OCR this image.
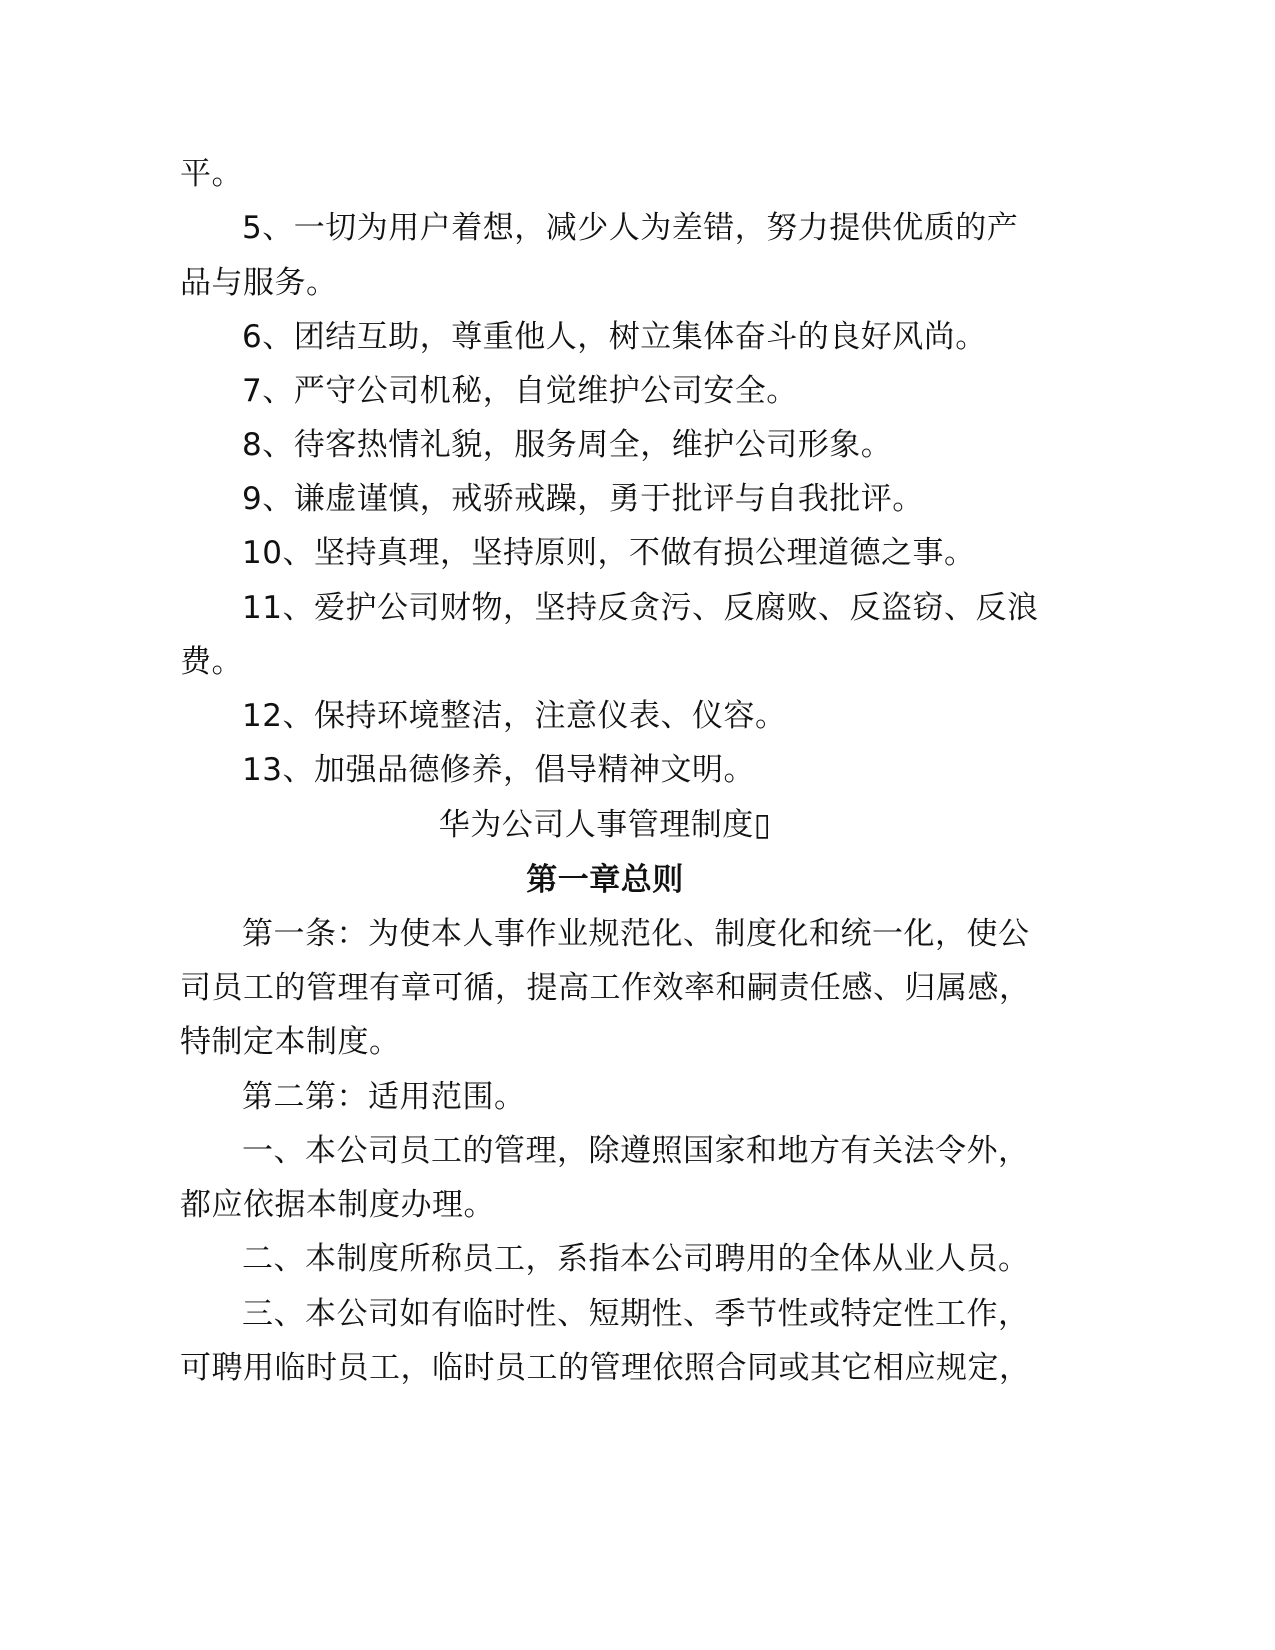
平。
5、一切为用户着想，减少人为差错，努力提供优质的产
品与服务。
6、团结互助，尊重他人，树立集体奋斗的良好风尚。
7、严守公司机秘，自觉维护公司安全。
8、待客热情礼貌，服务周全，维护公司形象。
9、谦虚谨慎，戒骄戒躁，勇于批评与自我批评。
10、坚持真理，坚持原则，不做有损公理道德之事。
11、爱护公司财物，坚持反贪污、反腐败、反盗窃、反浪
费。
12、保持环境整洁，注意仪表、仪容。
13、加强品德修养，倡导精神文明。
华为公司人事管理制度▯
第一章总则
第一条：为使本人事作业规范化、制度化和统一化，使公
司员工的管理有章可循，提高工作效率和嗣责任感、归属感，
特制定本制度。
第二第：适用范围。
一、本公司员工的管理，除遵照国家和地方有关法令外，
都应依据本制度办理。
二、本制度所称员工，系指本公司聘用的全体从业人员。
三、本公司如有临时性、短期性、季节性或特定性工作，
可聘用临时员工，临时员工的管理依照合同或其它相应规定，
